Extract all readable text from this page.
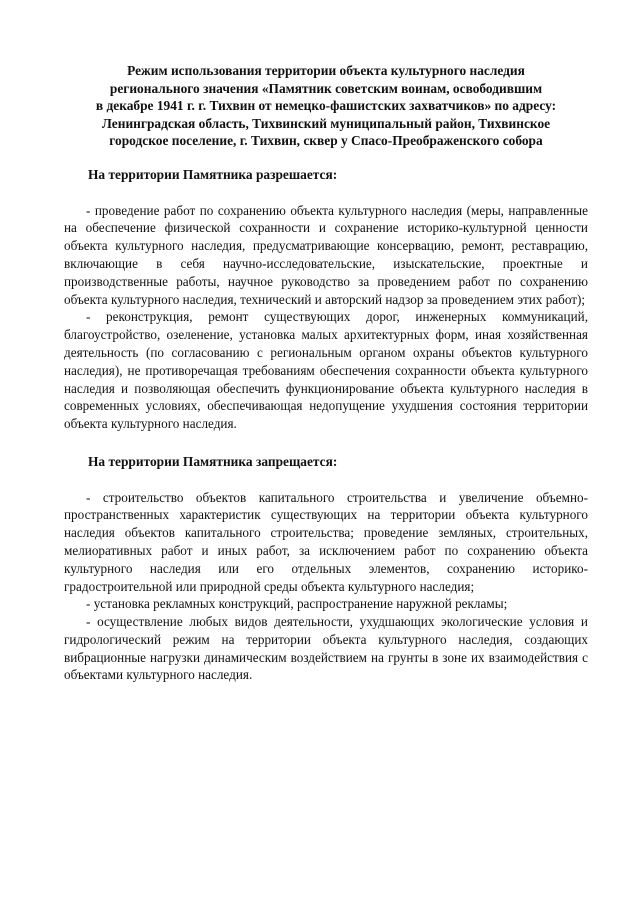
Режим использования территории объекта культурного наследия
регионального значения «Памятник советским воинам, освободившим
в декабре 1941 г. г. Тихвин от немецко-фашистских захватчиков» по адресу:
Ленинградская область, Тихвинский муниципальный район, Тихвинское
городское поселение, г. Тихвин, сквер у Спасо-Преображенского собора
На территории Памятника разрешается:

- проведение работ по сохранению объекта культурного наследия (меры, направленные на обеспечение физической сохранности и сохранение историко-культурной ценности объекта культурного наследия, предусматривающие консервацию, ремонт, реставрацию, включающие в себя научно-исследовательские, изыскательские, проектные и производственные работы, научное руководство за проведением работ по сохранению объекта культурного наследия, технический и авторский надзор за проведением этих работ);

- реконструкция, ремонт существующих дорог, инженерных коммуникаций, благоустройство, озеленение, установка малых архитектурных форм, иная хозяйственная деятельность (по согласованию с региональным органом охраны объектов культурного наследия), не противоречащая требованиям обеспечения сохранности объекта культурного наследия и позволяющая обеспечить функционирование объекта культурного наследия в современных условиях, обеспечивающая недопущение ухудшения состояния территории объекта культурного наследия.

На территории Памятника запрещается:

- строительство объектов капитального строительства и увеличение объемно-пространственных характеристик существующих на территории объекта культурного наследия объектов капитального строительства; проведение земляных, строительных, мелиоративных работ и иных работ, за исключением работ по сохранению объекта культурного наследия или его отдельных элементов, сохранению историко-градостроительной или природной среды объекта культурного наследия;

- установка рекламных конструкций, распространение наружной рекламы;

- осуществление любых видов деятельности, ухудшающих экологические условия и гидрологический режим на территории объекта культурного наследия, создающих вибрационные нагрузки динамическим воздействием на грунты в зоне их взаимодействия с объектами культурного наследия.
